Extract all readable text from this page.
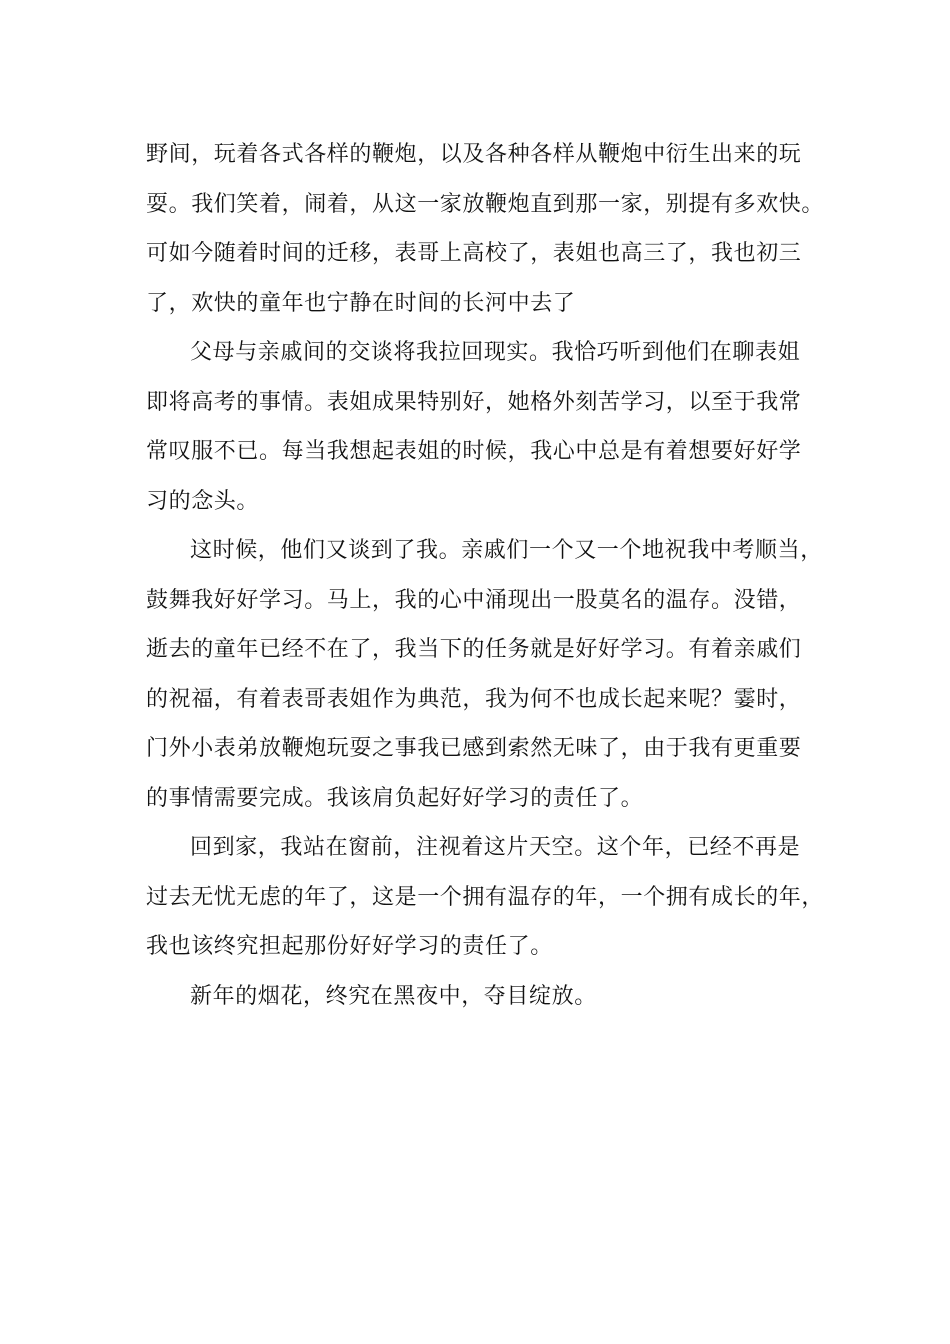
野间，玩着各式各样的鞭炮，以及各种各样从鞭炮中衍生出来的玩
耍。我们笑着，闹着，从这一家放鞭炮直到那一家，别提有多欢快。
可如今随着时间的迁移，表哥上高校了，表姐也高三了，我也初三
了，欢快的童年也宁静在时间的长河中去了
父母与亲戚间的交谈将我拉回现实。我恰巧听到他们在聊表姐
即将高考的事情。表姐成果特别好，她格外刻苦学习，以至于我常
常叹服不已。每当我想起表姐的时候，我心中总是有着想要好好学
习的念头。
这时候，他们又谈到了我。亲戚们一个又一个地祝我中考顺当，
鼓舞我好好学习。马上，我的心中涌现出一股莫名的温存。没错，
逝去的童年已经不在了，我当下的任务就是好好学习。有着亲戚们
的祝福，有着表哥表姐作为典范，我为何不也成长起来呢？霎时，
门外小表弟放鞭炮玩耍之事我已感到索然无味了，由于我有更重要
的事情需要完成。我该肩负起好好学习的责任了。
回到家，我站在窗前，注视着这片天空。这个年，已经不再是
过去无忧无虑的年了，这是一个拥有温存的年，一个拥有成长的年，
我也该终究担起那份好好学习的责任了。
新年的烟花，终究在黑夜中，夺目绽放。
